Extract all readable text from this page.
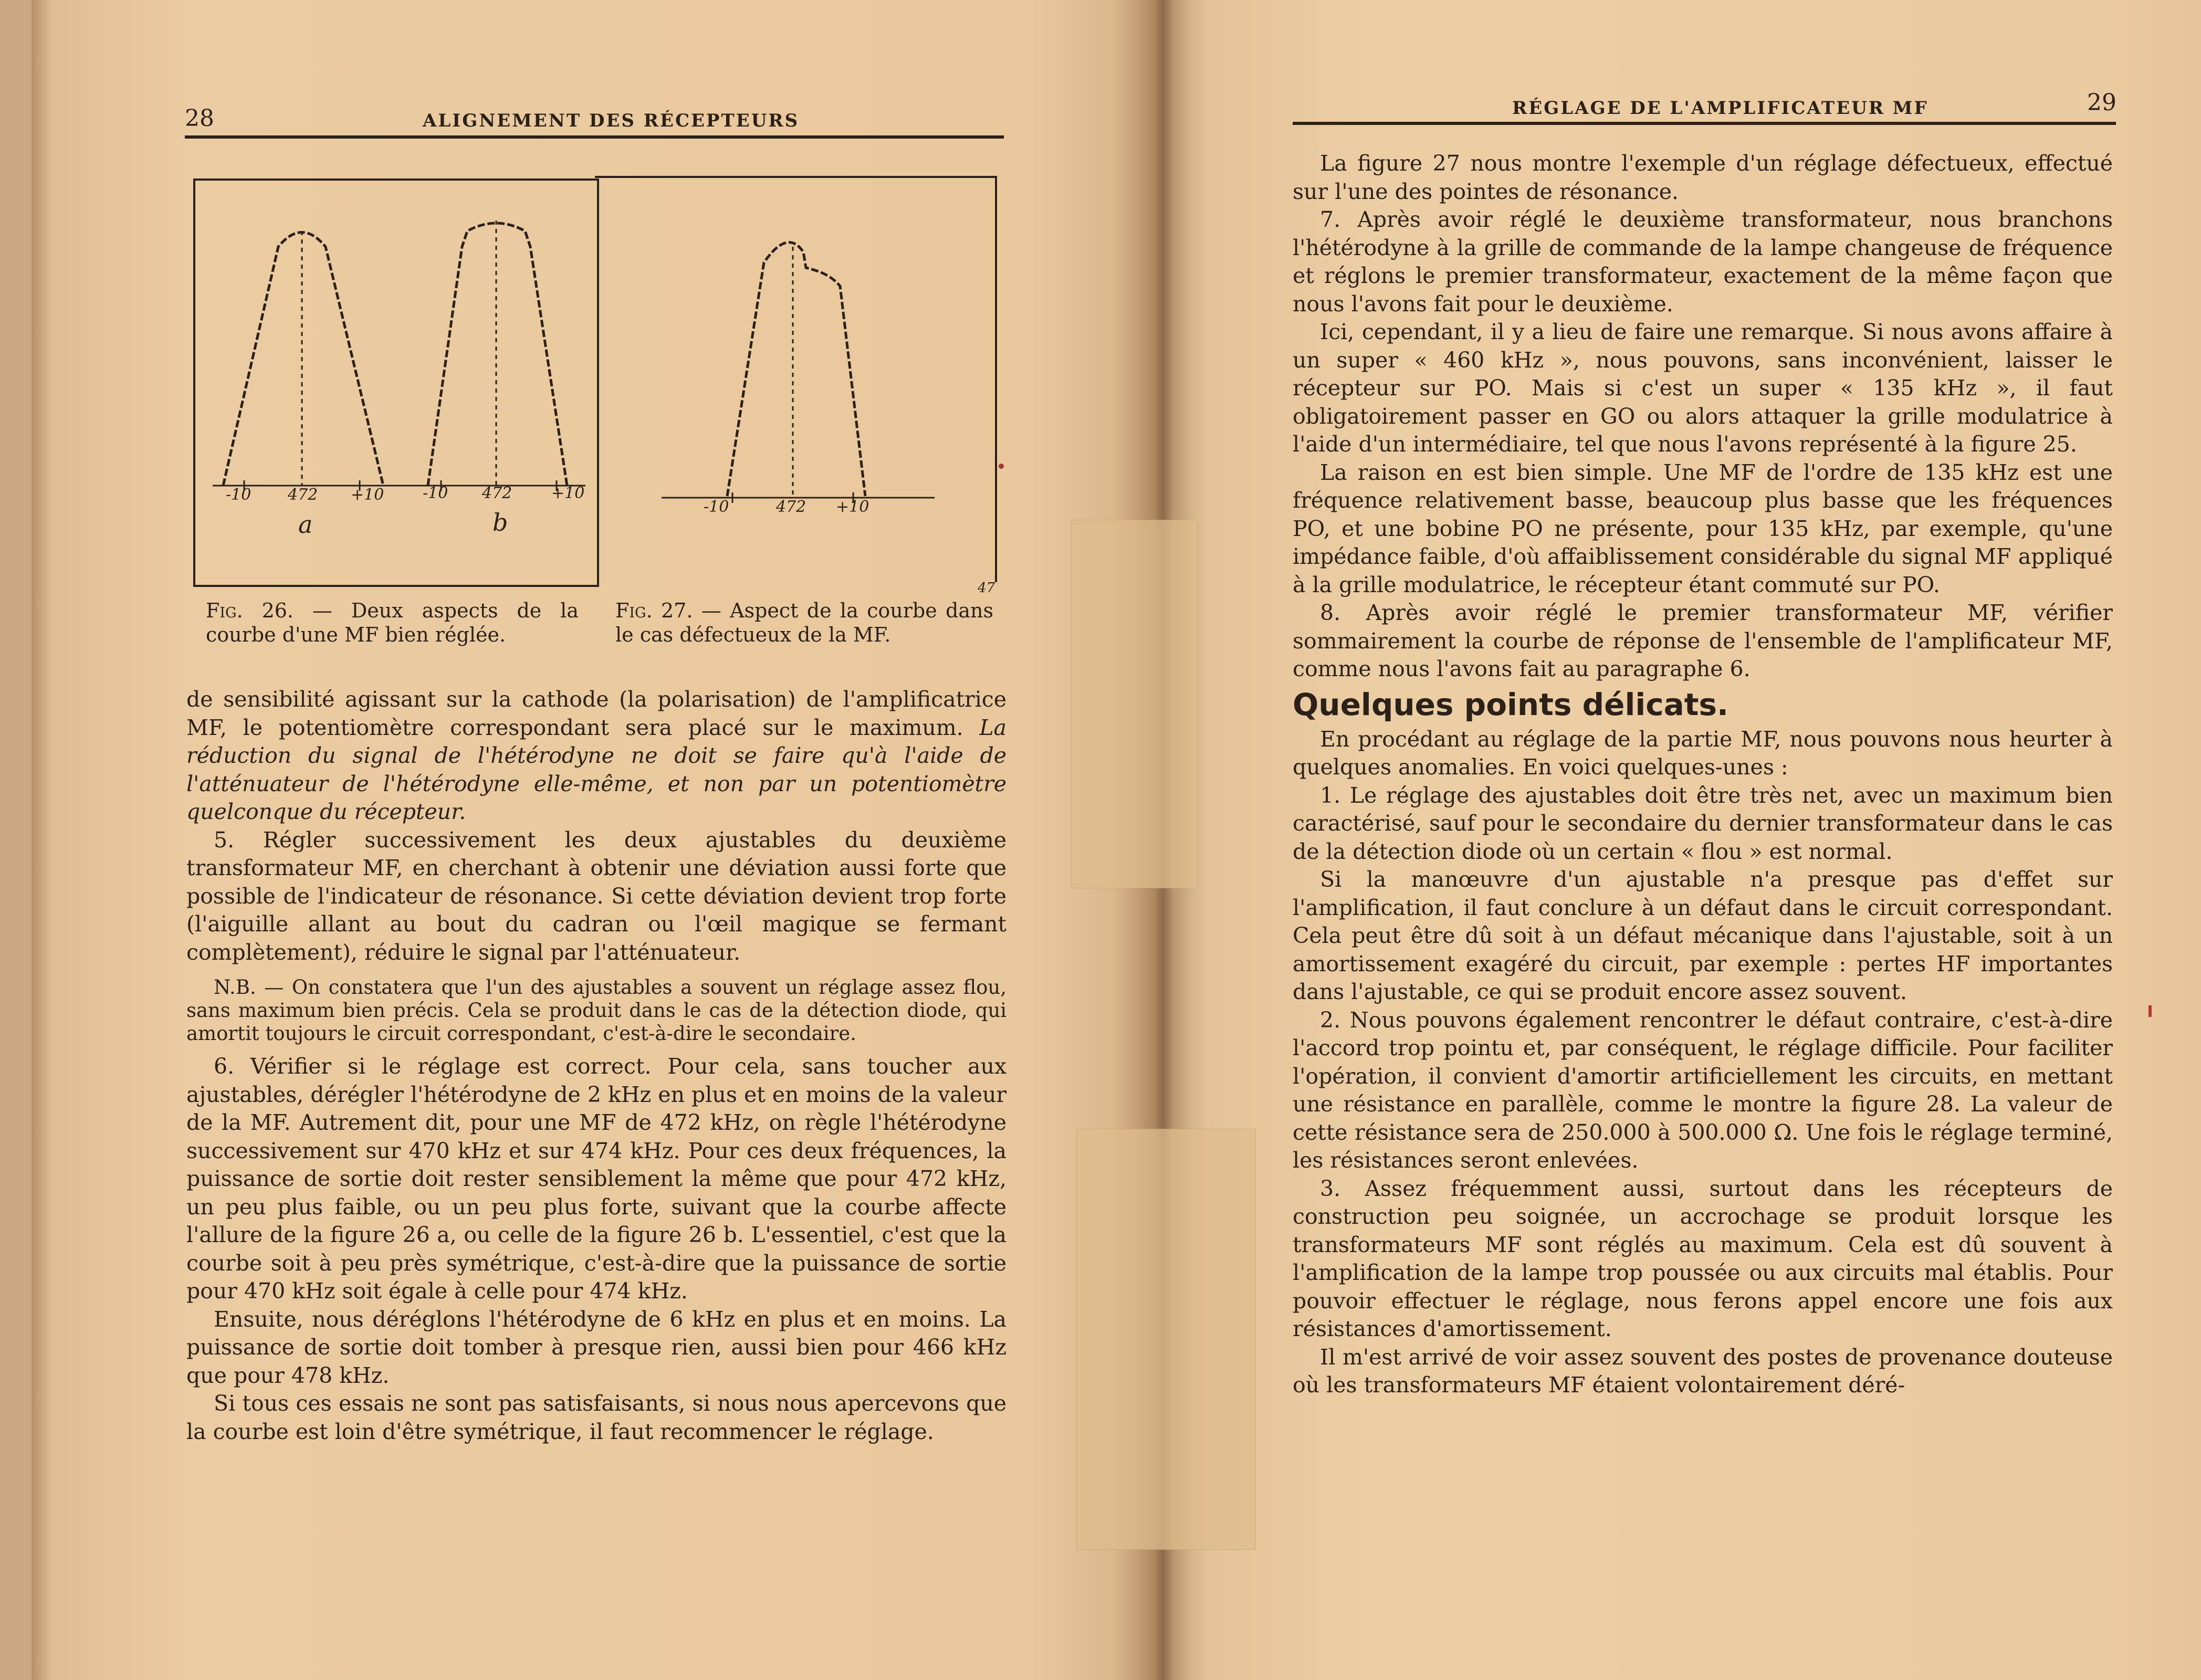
28	ALIGNEMENT DES RÉCEPTEURS
-10 472 +10 -10 472 +10
a	b
-10	472 +10
47
Fig. 26. — Deux aspects de la courbe d'une MF bien réglée.
Fig. 27. — Aspect de la courbe dans le cas défectueux de la MF.

de sensibilité agissant sur la cathode (la polarisation) de l'amplificatrice MF, le potentiomètre correspondant sera placé sur le maximum. La réduction du signal de l'hétérodyne ne doit se faire qu'à l'aide de l'atténuateur de l'hétérodyne elle-même, et non par un potentiomètre quelconque du récepteur.

5. Régler successivement les deux ajustables du deuxième transformateur MF, en cherchant à obtenir une déviation aussi forte que possible de l'indicateur de résonance. Si cette déviation devient trop forte (l'aiguille allant au bout du cadran ou l'œil magique se fermant complètement), réduire le signal par l'atténuateur.

N.B. — On constatera que l'un des ajustables a souvent un réglage assez flou, sans maximum bien précis. Cela se produit dans le cas de la détection diode, qui amortit toujours le circuit correspondant, c'est-à-dire le secondaire.

6. Vérifier si le réglage est correct. Pour cela, sans toucher aux ajustables, dérégler l'hétérodyne de 2 kHz en plus et en moins de la valeur de la MF. Autrement dit, pour une MF de 472 kHz, on règle l'hétérodyne successivement sur 470 kHz et sur 474 kHz. Pour ces deux fréquences, la puissance de sortie doit rester sensiblement la même que pour 472 kHz, un peu plus faible, ou un peu plus forte, suivant que la courbe affecte l'allure de la figure 26 a, ou celle de la figure 26 b. L'essentiel, c'est que la courbe soit à peu près symétrique, c'est-à-dire que la puissance de sortie pour 470 kHz soit égale à celle pour 474 kHz.

Ensuite, nous déréglons l'hétérodyne de 6 kHz en plus et en moins. La puissance de sortie doit tomber à presque rien, aussi bien pour 466 kHz que pour 478 kHz.

Si tous ces essais ne sont pas satisfaisants, si nous nous apercevons que la courbe est loin d'être symétrique, il faut recommencer le réglage.

RÉGLAGE DE L'AMPLIFICATEUR MF	29

La figure 27 nous montre l'exemple d'un réglage défectueux, effectué sur l'une des pointes de résonance.

7. Après avoir réglé le deuxième transformateur, nous branchons l'hétérodyne à la grille de commande de la lampe changeuse de fréquence et réglons le premier transformateur, exactement de la même façon que nous l'avons fait pour le deuxième.

Ici, cependant, il y a lieu de faire une remarque. Si nous avons affaire à un super « 460 kHz », nous pouvons, sans inconvénient, laisser le récepteur sur PO. Mais si c'est un super « 135 kHz », il faut obligatoirement passer en GO ou alors attaquer la grille modulatrice à l'aide d'un intermédiaire, tel que nous l'avons représenté à la figure 25.

La raison en est bien simple. Une MF de l'ordre de 135 kHz est une fréquence relativement basse, beaucoup plus basse que les fréquences PO, et une bobine PO ne présente, pour 135 kHz, par exemple, qu'une impédance faible, d'où affaiblissement considérable du signal MF appliqué à la grille modulatrice, le récepteur étant commuté sur PO.

8. Après avoir réglé le premier transformateur MF, vérifier sommairement la courbe de réponse de l'ensemble de l'amplificateur MF, comme nous l'avons fait au paragraphe 6.

Quelques points délicats.

En procédant au réglage de la partie MF, nous pouvons nous heurter à quelques anomalies. En voici quelques-unes :

1. Le réglage des ajustables doit être très net, avec un maximum bien caractérisé, sauf pour le secondaire du dernier transformateur dans le cas de la détection diode où un certain « flou » est normal.

Si la manœuvre d'un ajustable n'a presque pas d'effet sur l'amplification, il faut conclure à un défaut dans le circuit correspondant. Cela peut être dû soit à un défaut mécanique dans l'ajustable, soit à un amortissement exagéré du circuit, par exemple : pertes HF importantes dans l'ajustable, ce qui se produit encore assez souvent.

2. Nous pouvons également rencontrer le défaut contraire, c'est-à-dire l'accord trop pointu et, par conséquent, le réglage difficile. Pour faciliter l'opération, il convient d'amortir artificiellement les circuits, en mettant une résistance en parallèle, comme le montre la figure 28. La valeur de cette résistance sera de 250.000 à 500.000 Ω. Une fois le réglage terminé, les résistances seront enlevées.

3. Assez fréquemment aussi, surtout dans les récepteurs de construction peu soignée, un accrochage se produit lorsque les transformateurs MF sont réglés au maximum. Cela est dû souvent à l'amplification de la lampe trop poussée ou aux circuits mal établis. Pour pouvoir effectuer le réglage, nous ferons appel encore une fois aux résistances d'amortissement.

Il m'est arrivé de voir assez souvent des postes de provenance douteuse où les transformateurs MF étaient volontairement déré-
